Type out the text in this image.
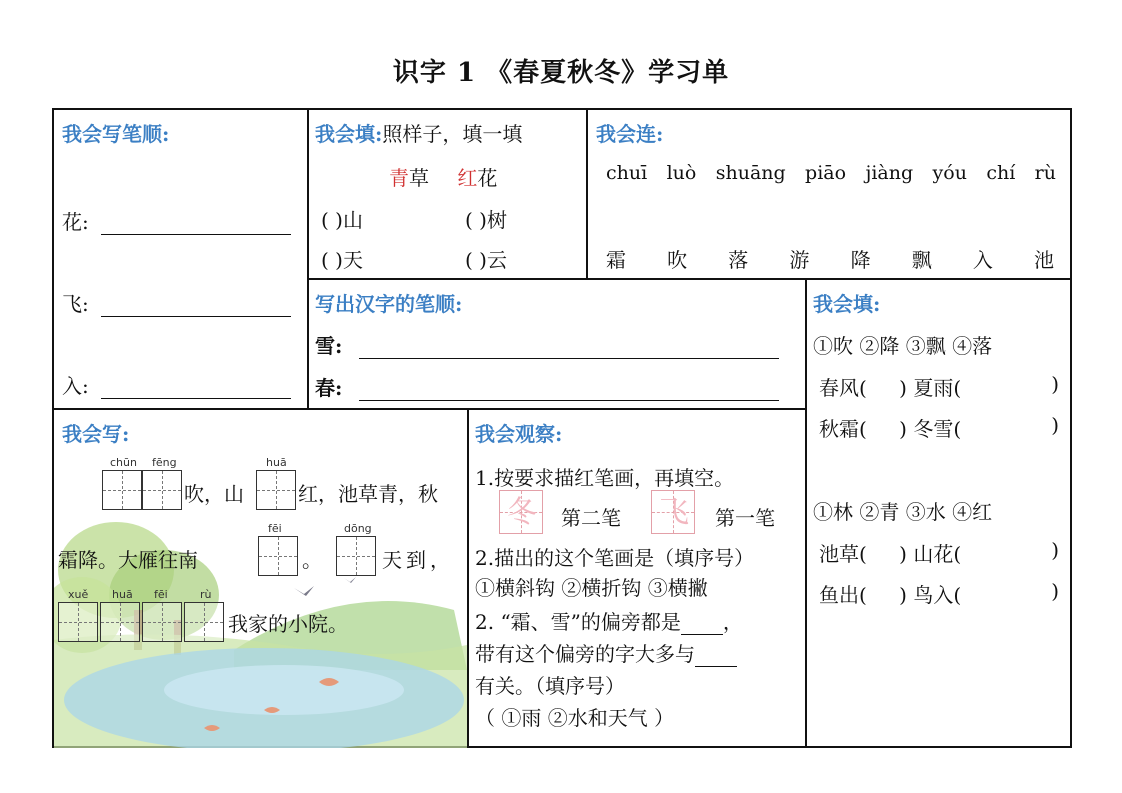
识字 1 《春夏秋冬》学习单
我会写笔顺:
花:
飞:
入:
我会填:照样子，填一填
青草 红花
( )山	( )树
( )天	( )云
我会连:
chuī luò shuāng piāo jiàng yóu chí rù
霜 吹 落 游 降 飘 入 池
写出汉字的笔顺:
雪:
春:
我会填:
①吹 ②降 ③飘 ④落
春风( ) 夏雨(	)
秋霜( ) 冬雪(	)
①林 ②青 ③水 ④红
池草( ) 山花(	)
鱼出( ) 鸟入(	)
我会写:
chūn fēng
吹，山
huā
红，池草青，秋
霜降。大雁往南
fēi
。
dōng
天到，
xuě huā fēi	rù
我家的小院。
我会观察:
1.按要求描红笔画，再填空。
冬	第二笔 飞	第一笔
2.描出的这个笔画是（填序号）
①横斜钩 ②横折钩 ③横撇
2. “霜、雪”的偏旁都是 ，
带有这个偏旁的字大多与
有关。（填序号）
（ ①雨 ②水和天气 ）
